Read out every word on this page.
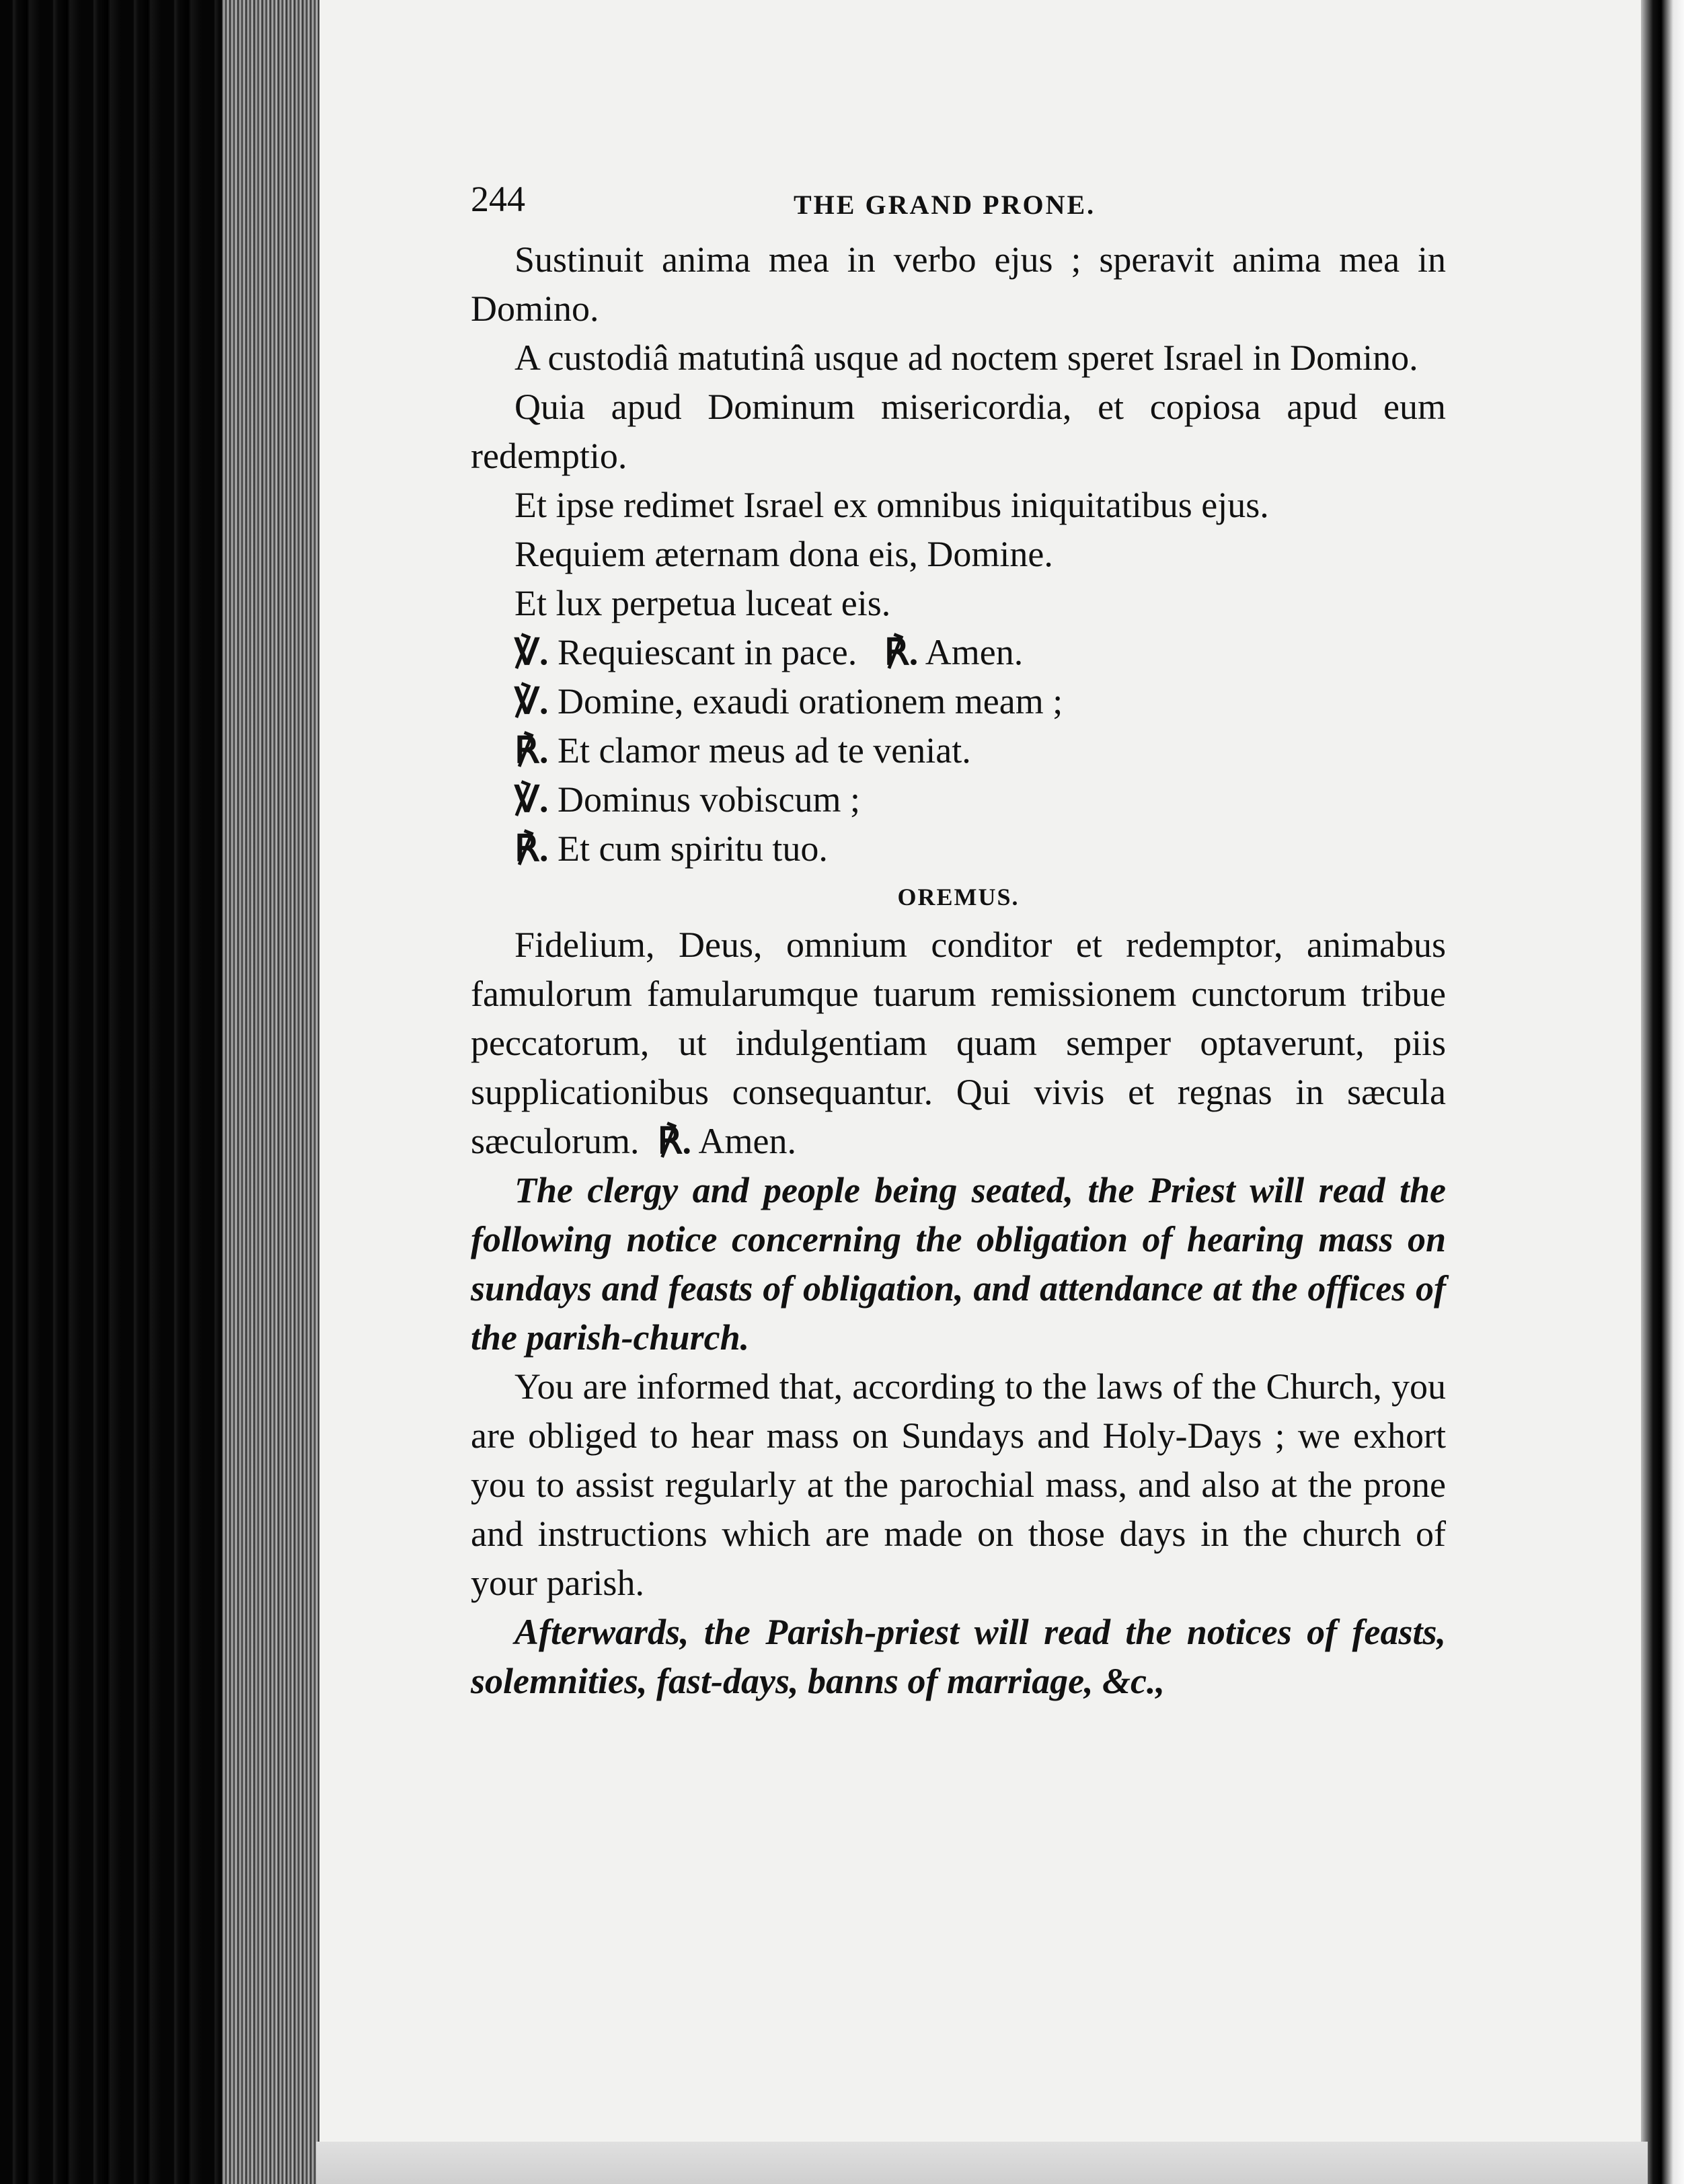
244	THE GRAND PRONE.

Sustinuit anima mea in verbo ejus ; speravit anima mea in Domino.

A custodiâ matutinâ usque ad noctem speret Israel in Domino.

Quia apud Dominum misericordia, et copiosa apud eum redemptio.

Et ipse redimet Israel ex omnibus iniquitatibus ejus.

Requiem æternam dona eis, Domine.

Et lux perpetua luceat eis.

℣. Requiescant in pace. ℟. Amen.

℣. Domine, exaudi orationem meam ;

℟. Et clamor meus ad te veniat.

℣. Dominus vobiscum ;

℟. Et cum spiritu tuo.

OREMUS.

Fidelium, Deus, omnium conditor et redemptor, animabus famulorum famularumque tuarum remissionem cunctorum tribue peccatorum, ut indulgentiam quam semper optaverunt, piis supplicationibus consequantur. Qui vivis et regnas in sæcula sæculorum. ℟. Amen.

The clergy and people being seated, the Priest will read the following notice concerning the obligation of hearing mass on sundays and feasts of obligation, and attendance at the offices of the parish-church.

You are informed that, according to the laws of the Church, you are obliged to hear mass on Sundays and Holy-Days ; we exhort you to assist regularly at the parochial mass, and also at the prone and instructions which are made on those days in the church of your parish.

Afterwards, the Parish-priest will read the notices of feasts, solemnities, fast-days, banns of marriage, &c.,
